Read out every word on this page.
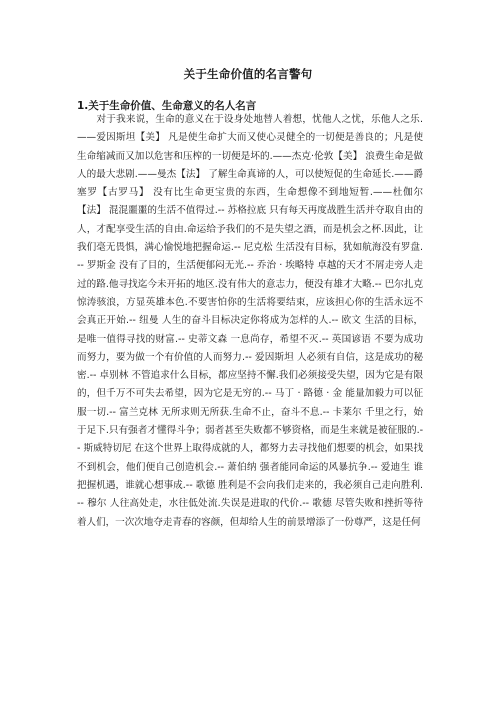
关于生命价值的名言警句
1.关于生命价值、生命意义的名人名言
对于我来说，生命的意义在于设身处地替人着想，忧他人之忧，乐他人之乐.——爱因斯坦【美】 凡是使生命扩大而又使心灵健全的一切便是善良的；凡是使生命缩减而又加以危害和压榨的一切便是坏的.——杰克·伦敦【美】 浪费生命是做人的最大悲剧.——曼杰【法】 了解生命真谛的人，可以使短促的生命延长.——爵塞罗【古罗马】 没有比生命更宝贵的东西，生命想像不到地短暂.——杜伽尔【法】 混混噩噩的生活不值得过.-- 苏格拉底 只有每天再度战胜生活并夺取自由的人，才配享受生活的自由.命运给予我们的不是失望之酒，而是机会之杯.因此，让我们毫无畏惧，满心愉悦地把握命运.-- 尼克松 生活没有目标，犹如航海没有罗盘.-- 罗斯金 没有了目的，生活便郁闷无光.-- 乔治 · 埃略特 卓越的天才不屑走旁人走过的路.他寻找迄今未开拓的地区.没有伟大的意志力，便没有雄才大略.-- 巴尔扎克 惊涛骇浪，方显英雄本色.不要害怕你的生活将要结束，应该担心你的生活永远不会真正开始.-- 纽曼 人生的奋斗目标决定你将成为怎样的人.-- 欧文 生活的目标，是唯一值得寻找的财富.-- 史蒂文森 一息尚存，希望不灭.-- 英国谚语 不要为成功而努力，要为做一个有价值的人而努力.-- 爱因斯坦 人必须有自信，这是成功的秘密.-- 卓别林 不管追求什么目标，都应坚持不懈.我们必须接受失望，因为它是有限的，但千万不可失去希望，因为它是无穷的.-- 马丁 · 路德 · 金 能量加毅力可以征服一切.-- 富兰克林 无所求则无所获.生命不止，奋斗不息.-- 卡莱尔 千里之行，始于足下.只有强者才懂得斗争；弱者甚至失败都不够资格，而是生来就是被征服的.-- 斯威特切尼 在这个世界上取得成就的人，都努力去寻找他们想要的机会，如果找不到机会，他们便自己创造机会.-- 萧伯纳 强者能同命运的风暴抗争.-- 爱迪生 谁把握机遇，谁就心想事成.-- 歌德 胜利是不会向我们走来的，我必须自己走向胜利.-- 穆尔 人往高处走，水往低处流.失误是进取的代价.-- 歌德 尽管失败和挫折等待着人们，一次次地夺走青春的容颜，但却给人生的前景增添了一份尊严，这是任何
